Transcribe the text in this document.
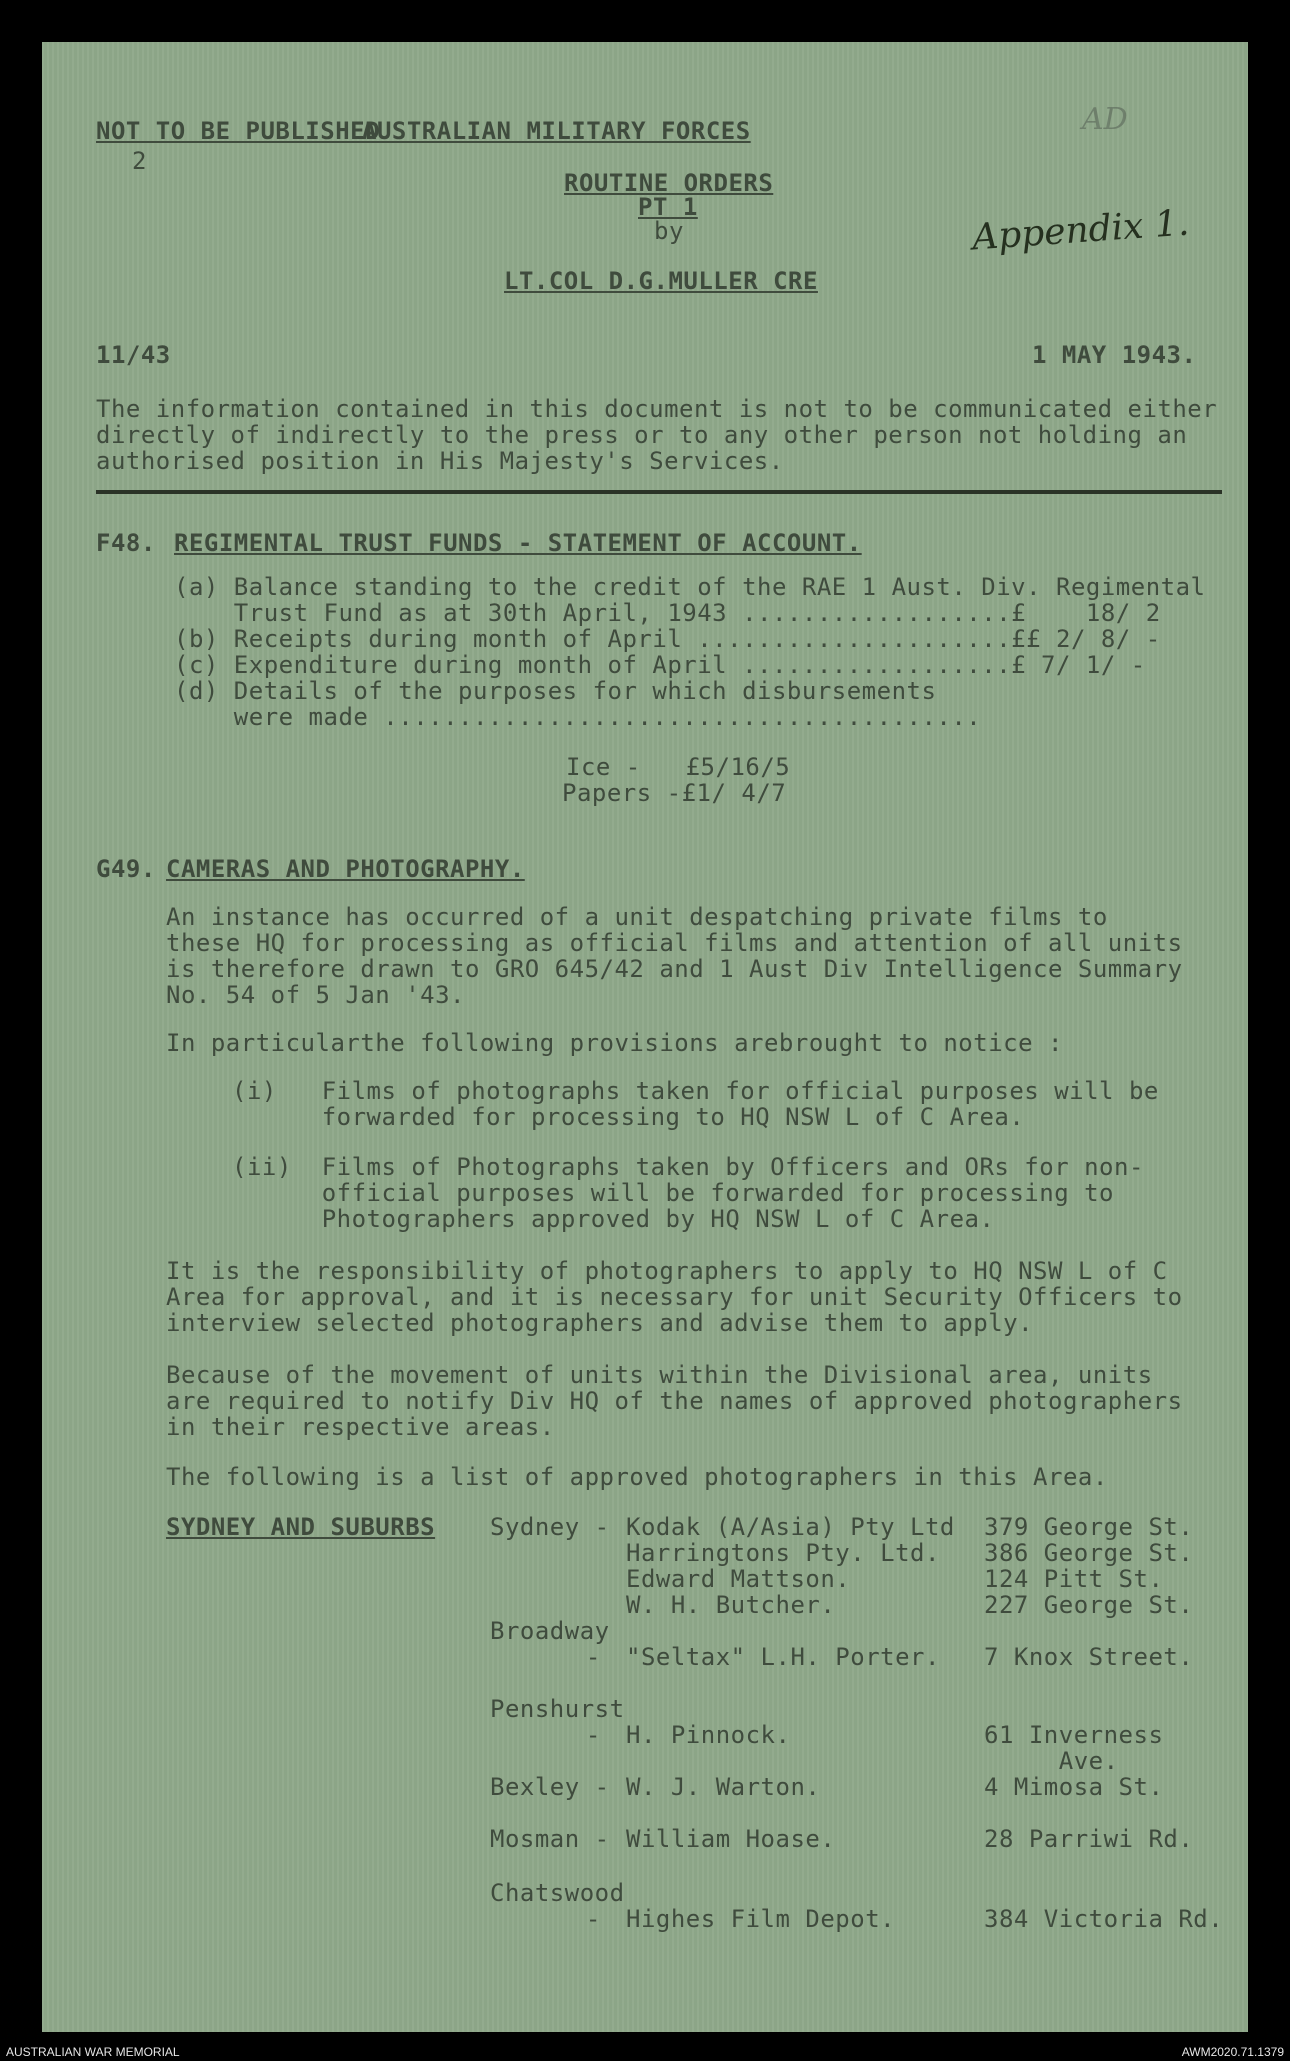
NOT TO BE PUBLISHED
AUSTRALIAN MILITARY FORCES
ROUTINE ORDERS
PT 1
by
LT.COL D.G.MULLER CRE
2
Appendix 1.
AD
11/43	1 MAY 1943.
The information contained in this document is not to be communicated either
directly of indirectly to the press or to any other person not holding an
authorised position in His Majesty's Services.
F48. REGIMENTAL TRUST FUNDS - STATEMENT OF ACCOUNT.
(a) Balance standing to the credit of the RAE 1 Aust. Div. Regimental
Trust Fund as at 30th April, 1943 ..................£    18/ 2
(b) Receipts during month of April .....................££ 2/ 8/ -
(c) Expenditure during month of April ..................£ 7/ 1/ -
(d) Details of the purposes for which disbursements
were made ........................................
Ice -   £5/16/5
Papers -£1/ 4/7
G49. CAMERAS AND PHOTOGRAPHY.
An instance has occurred of a unit despatching private films to
these HQ for processing as official films and attention of all units
is therefore drawn to GRO 645/42 and 1 Aust Div Intelligence Summary
No. 54 of 5 Jan '43.
In particularthe following provisions arebrought to notice :
(i)   Films of photographs taken for official purposes will be
forwarded for processing to HQ NSW L of C Area.
(ii)  Films of Photographs taken by Officers and ORs for non-
official purposes will be forwarded for processing to
Photographers approved by HQ NSW L of C Area.
It is the responsibility of photographers to apply to HQ NSW L of C
Area for approval, and it is necessary for unit Security Officers to
interview selected photographers and advise them to apply.
Because of the movement of units within the Divisional area, units
are required to notify Div HQ of the names of approved photographers
in their respective areas.
The following is a list of approved photographers in this Area.
SYDNEY AND SUBURBS Sydney - Kodak (A/Asia) Pty Ltd 379 George St.
Harringtons Pty. Ltd. 386 George St.
Edward Mattson.	124 Pitt St.
W. H. Butcher.	227 George St.
Broadway
- "Seltax" L.H. Porter. 7 Knox Street.
Penshurst
- H. Pinnock.	61 Inverness
Ave.
Bexley - W. J. Warton.	4 Mimosa St.
Mosman - William Hoase.	28 Parriwi Rd.
Chatswood
- Highes Film Depot.	384 Victoria Rd.
AUSTRALIAN WAR MEMORIAL	AWM2020.71.1379
